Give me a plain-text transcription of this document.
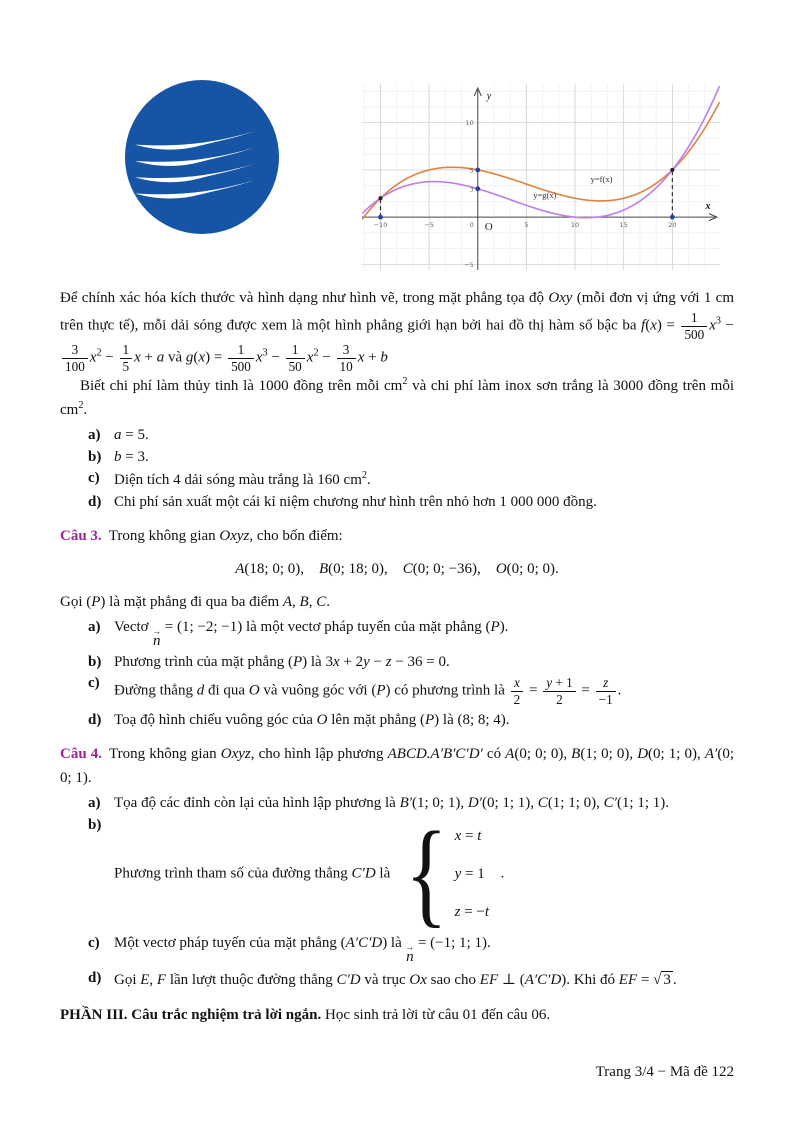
−10	−5	0	5	10	15	20
10
5
3
−5
y=f(x)
y=g(x)
O
x
y

Để chính xác hóa kích thước và hình dạng như hình vẽ, trong mặt phẳng tọa độ Oxy (mỗi đơn vị ứng với 1 cm trên thực tế), mỗi dải sóng được xem là một hình phẳng giới hạn bởi hai đồ thị hàm số bậc ba $f(x) = \frac{1}{500} x^3$ −
$\frac{3}{100} x^2 - \frac{1}{5}$ x + a và $g(x) = \frac{1}{500} x^3 - \frac{1}{50} x^2 - \frac{3}{10}$ x + b

Biết chi phí làm thủy tinh là 1000 đồng trên mỗi $cm^2$ và chi phí làm inox sơn trắng là 3000 đồng trên mỗi $cm^2$.

a) a = 5.
b) b = 3.
c) Diện tích 4 dải sóng màu trắng là 160 $cm^2$.
d) Chi phí sản xuất một cái kỉ niệm chương như hình trên nhỏ hơn 1 000 000 đồng.

Câu 3. Trong không gian Oxyz, cho bốn điểm:

A(18; 0; 0),    B(0; 18; 0),    C(0; 0; −36),    O(0; 0; 0).

Gọi (P) là mặt phẳng đi qua ba điểm A, B, C.

a) Vectơ →
n
= (1; −2; −1) là một vectơ pháp tuyến của mặt phẳng (P).
b) Phương trình của mặt phẳng (P) là 3x + 2y − z − 36 = 0.
c) Đường thẳng d đi qua O và vuông góc với (P) có phương trình là $\frac{x}{2} = \frac{y + 1}{2} = \frac{z}{-1}$ .
d) Toạ độ hình chiếu vuông góc của O lên mặt phẳng (P) là (8; 8; 4).

Câu 4. Trong không gian Oxyz, cho hình lập phương ABCD.A′B′C′D′ có A(0; 0; 0), B(1; 0; 0), D(0; 1; 0), A′(0; 0; 1).

a) Tọa độ các đỉnh còn lại của hình lập phương là B′(1; 0; 1), D′(0; 1; 1), C(1; 1; 0), C′(1; 1; 1).
b)
Phương trình tham số của đường thẳng C′D là { x = t
y = 1
z = −t
.
c) Một vectơ pháp tuyến của mặt phẳng (A′C′D) là →
n
= (−1; 1; 1).
d) Gọi E, F lần lượt thuộc đường thẳng C′D và trục Ox sao cho EF ⊥ (A′C′D). Khi đó EF = √ 3 .

PHẦN III. Câu trắc nghiệm trả lời ngắn. Học sinh trả lời từ câu 01 đến câu 06.

Trang 3/4 − Mã đề 122
